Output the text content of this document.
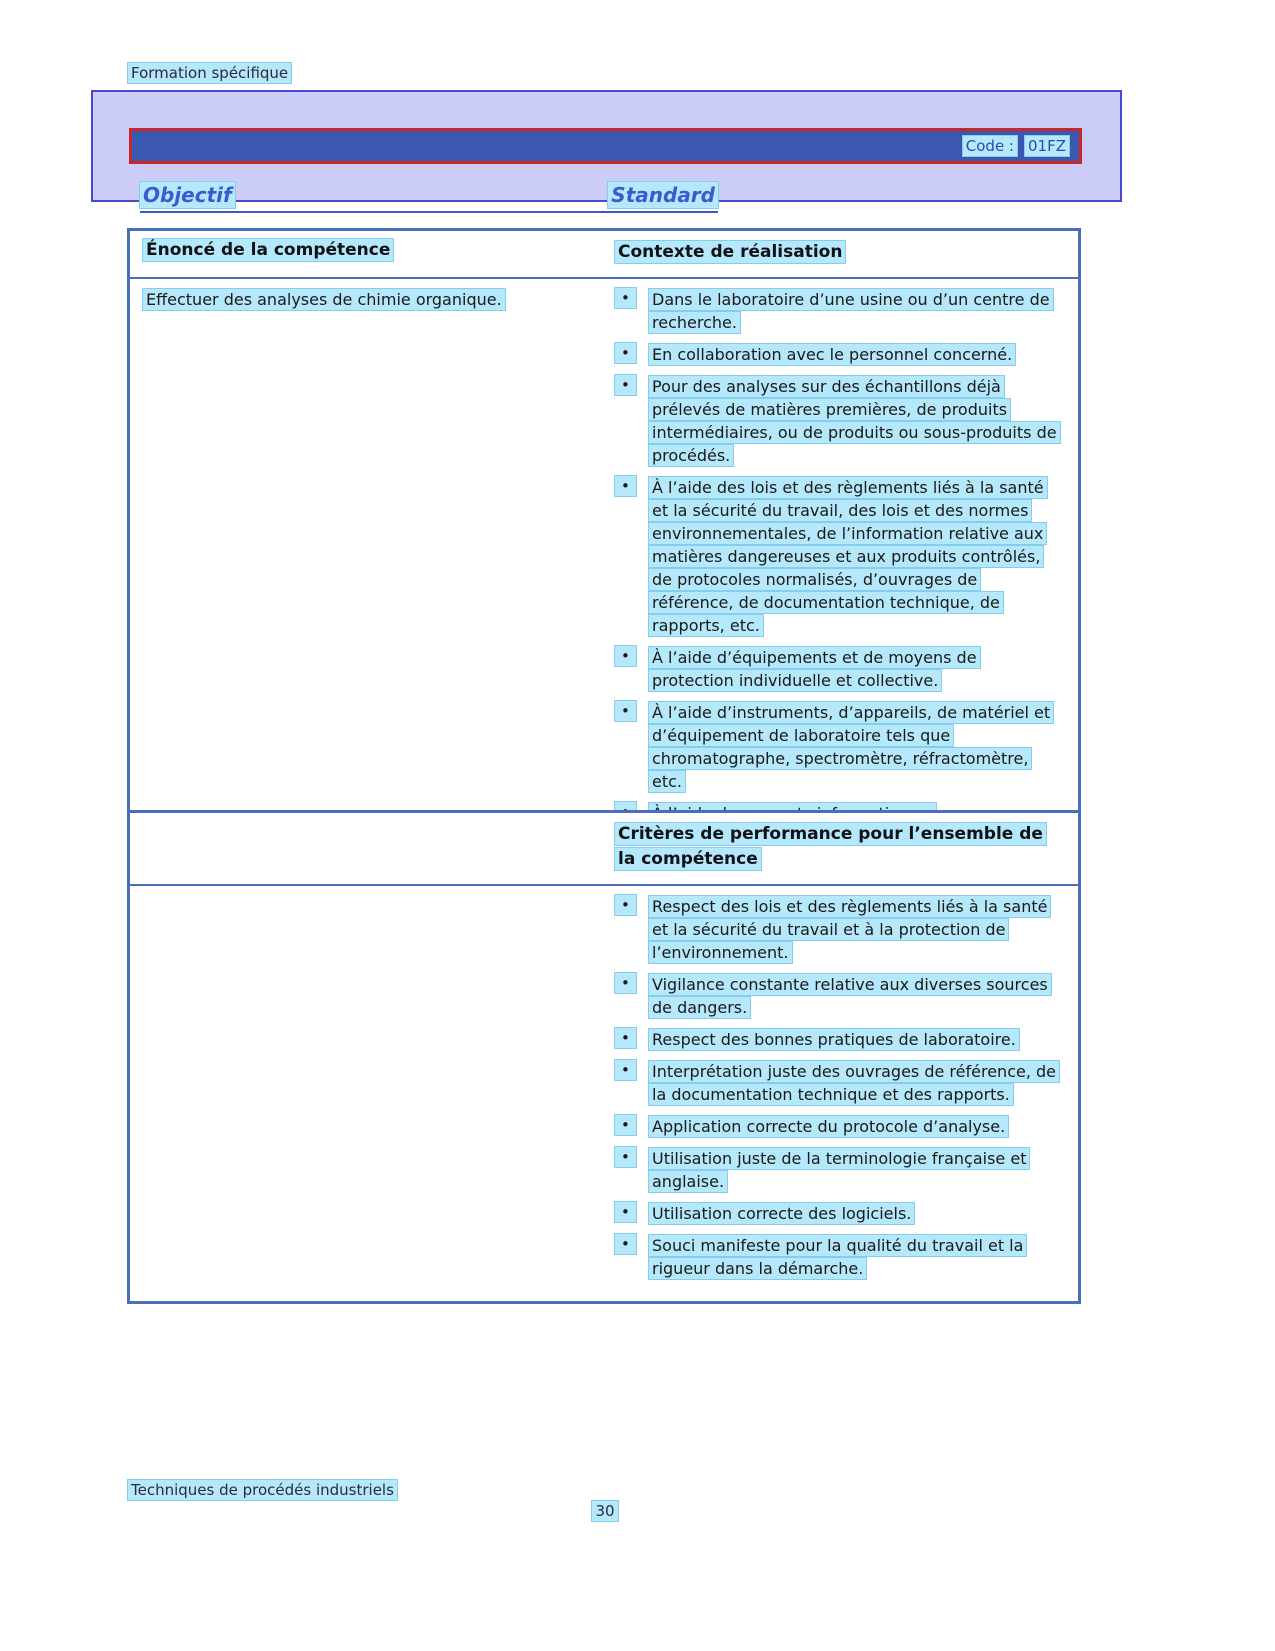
Formation spécifique
Code : 01FZ
Objectif	Standard
Énoncé de la compétence	Contexte de réalisation
Effectuer des analyses de chimie organique. •	Dans le laboratoire d’une usine ou d’un centre de recherche.
•
En collaboration avec le personnel concerné.
•
Pour des analyses sur des échantillons déjà prélevés de matières premières, de produits intermédiaires, ou de produits ou sous-produits de procédés.
•
À l’aide des lois et des règlements liés à la santé et la sécurité du travail, des lois et des normes environnementales, de l’information relative aux matières dangereuses et aux produits contrôlés, de protocoles normalisés, d’ouvrages de référence, de documentation technique, de rapports, etc.
•
À l’aide d’équipements et de moyens de protection individuelle et collective.
•
À l’aide d’instruments, d’appareils, de matériel et d’équipement de laboratoire tels que chromatographe, spectromètre, réfractomètre, etc.
•
Critères de performance pour l’ensemble de la compétence
•
Respect des lois et des règlements liés à la santé et la sécurité du travail et à la protection de l’environnement.
•
Vigilance constante relative aux diverses sources de dangers.
•
Respect des bonnes pratiques de laboratoire.
•
Interprétation juste des ouvrages de référence, de la documentation technique et des rapports.
•
Application correcte du protocole d’analyse.
•
Utilisation juste de la terminologie française et anglaise.
•
Utilisation correcte des logiciels.
•
Souci manifeste pour la qualité du travail et la rigueur dans la démarche.
Techniques de procédés industriels
30
